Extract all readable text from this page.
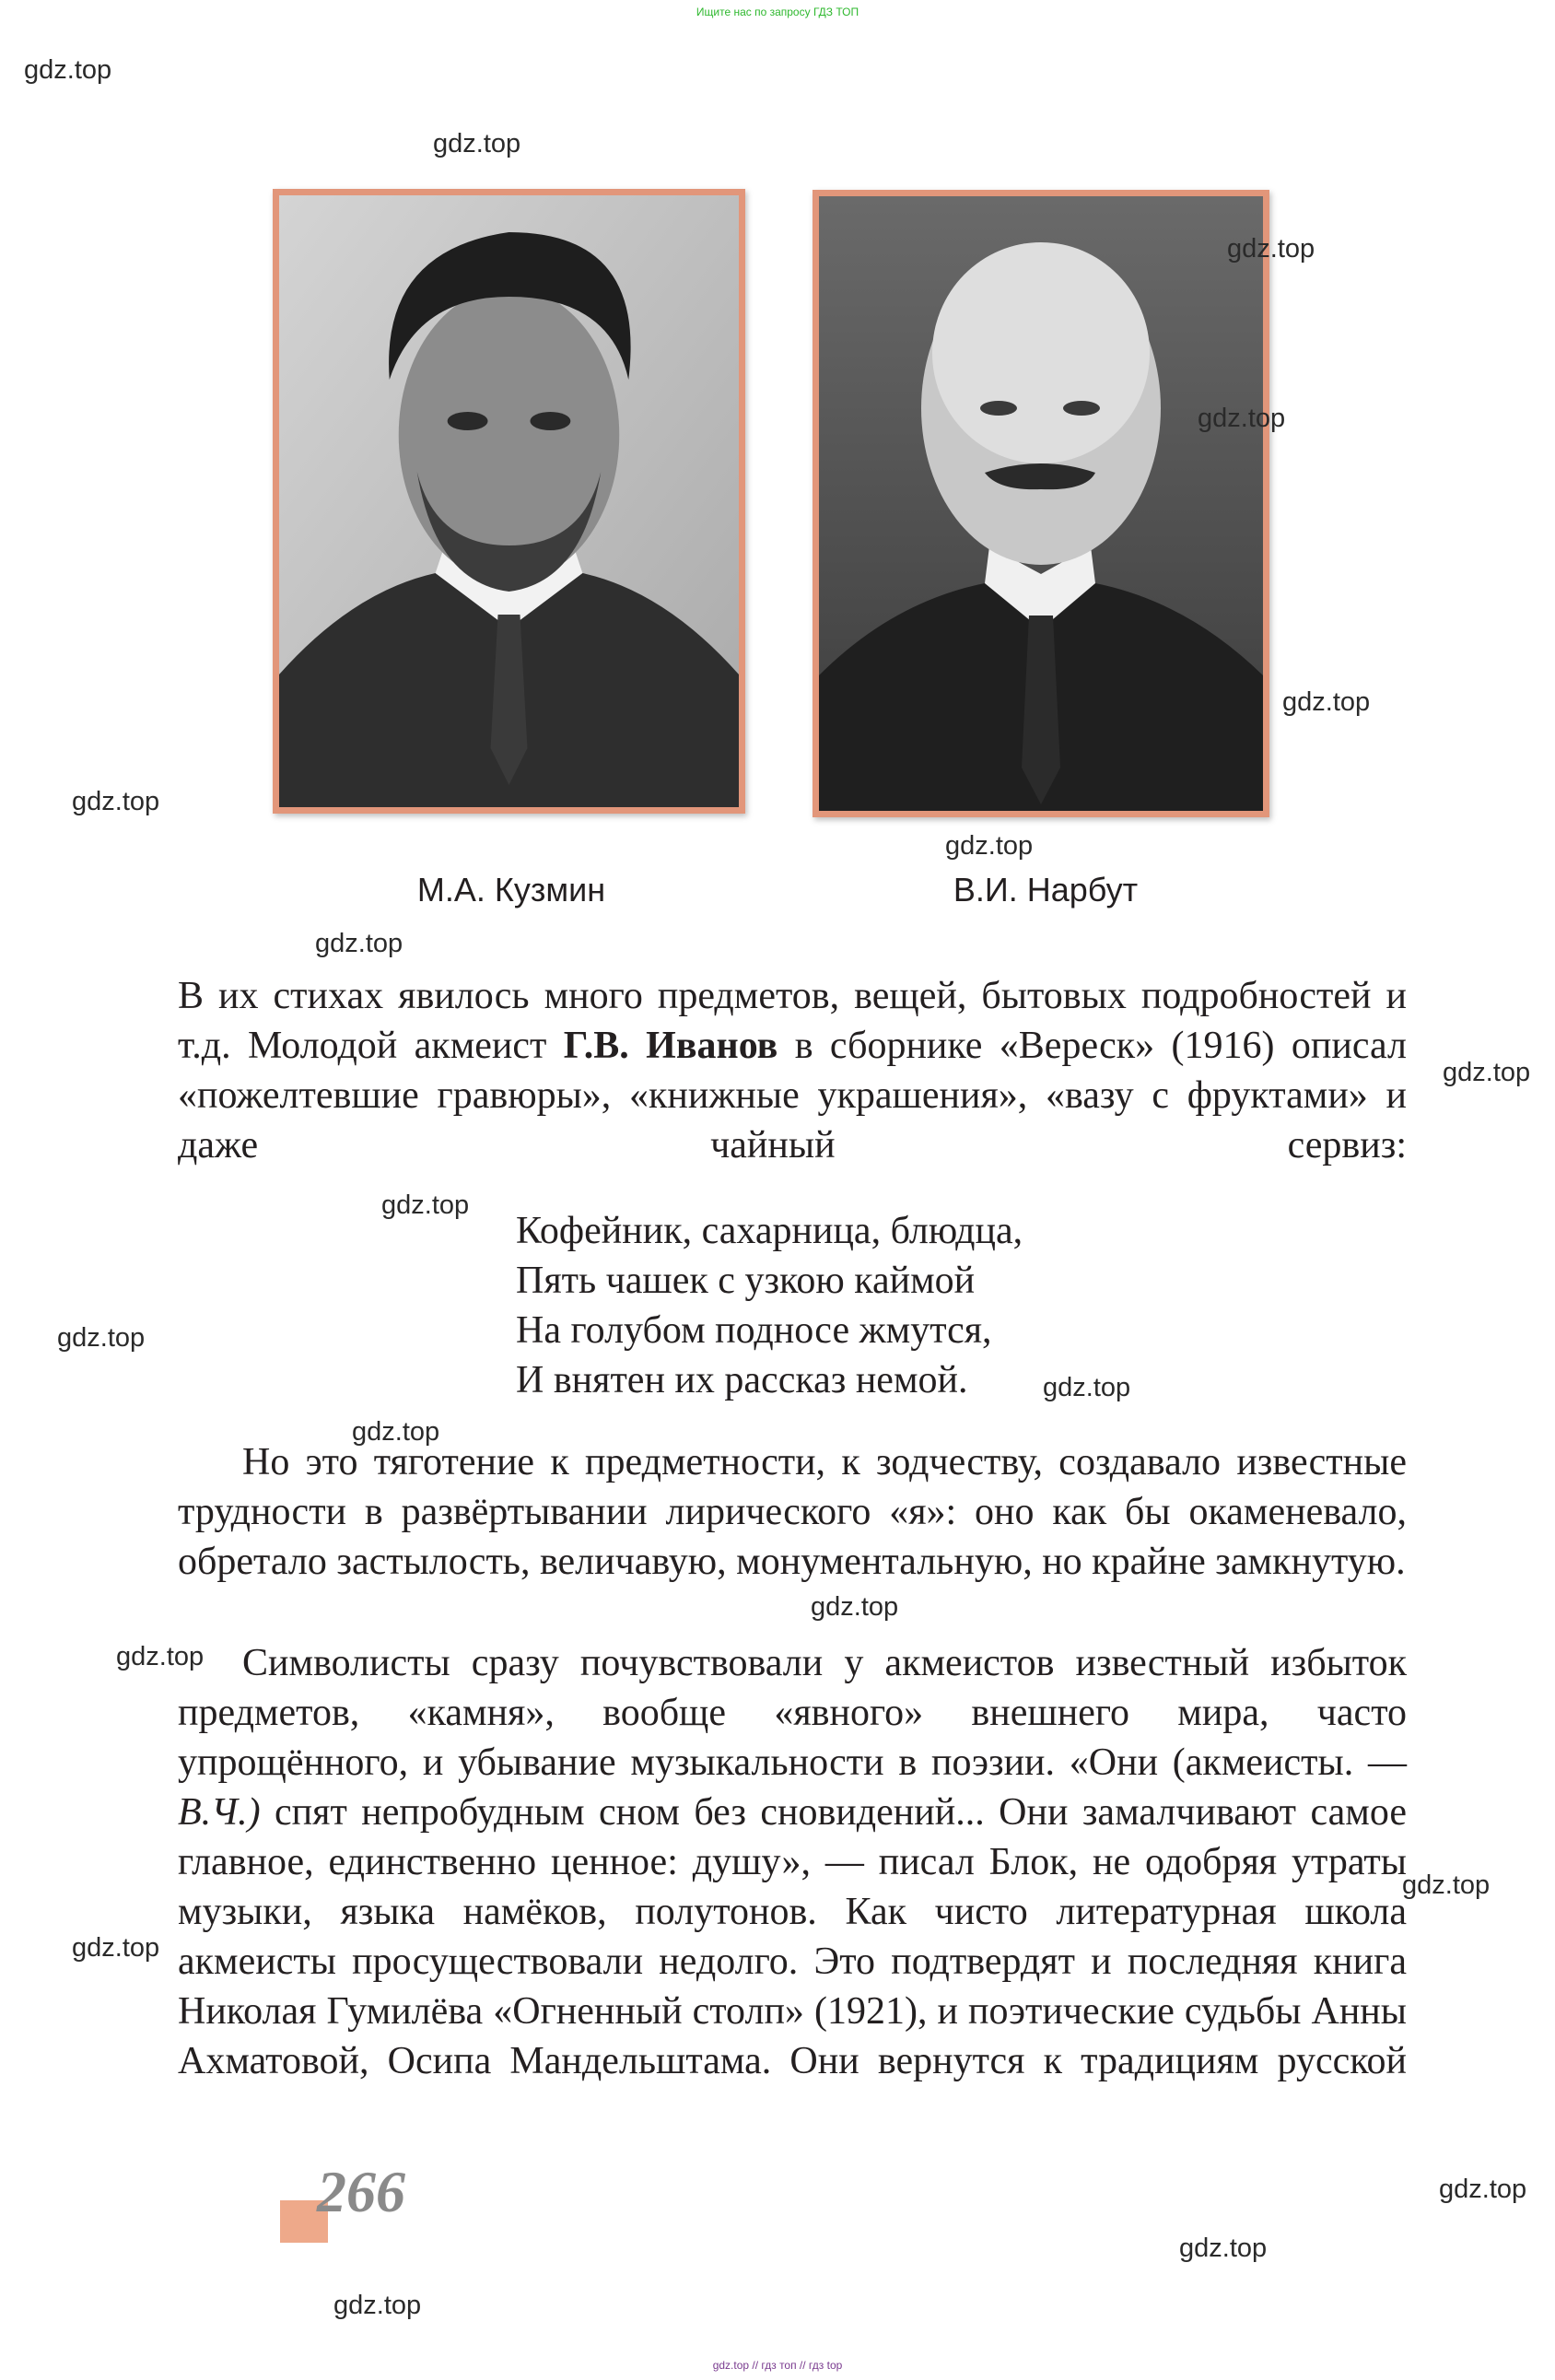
Ищите нас по запросу ГДЗ ТОП
М.А. Кузмин	В.И. Нарбут
В их стихах явилось много предметов, вещей, бытовых подробностей и т.д. Молодой акмеист Г.В. Иванов в сборнике «Вереск» (1916) описал «пожелтевшие гравюры», «книжные украшения», «вазу с фруктами» и даже чайный сервиз:
Кофейник, сахарница, блюдца,
Пять чашек с узкою каймой
На голубом подносе жмутся,
И внятен их рассказ немой.
Но это тяготение к предметности, к зодчеству, создавало известные трудности в развёртывании лирического «я»: оно как бы окаменевало, обретало застылость, величавую, монументальную, но крайне замкнутую.
Символисты сразу почувствовали у акмеистов известный избыток предметов, «камня», вообще «явного» внешнего мира, часто упрощённого, и убывание музыкальности в поэзии. «Они (акмеисты. — В.Ч.) спят непробудным сном без сновидений... Они замалчивают самое главное, единственно ценное: душу», — писал Блок, не одобряя утраты музыки, языка намёков, полутонов. Как чисто литературная школа акмеисты просуществовали недолго. Это подтвердят и последняя книга Николая Гумилёва «Огненный столп» (1921), и поэтические судьбы Анны Ахматовой, Осипа Мандельштама. Они вернутся к традициям русской
266
gdz.top
gdz.top
gdz.top
gdz.top
gdz.top
gdz.top
gdz.top
gdz.top
gdz.top
gdz.top
gdz.top
gdz.top
gdz.top
gdz.top
gdz.top
gdz.top
gdz.top
gdz.top
gdz.top
gdz.top
gdz.top // гдз топ // гдз top
